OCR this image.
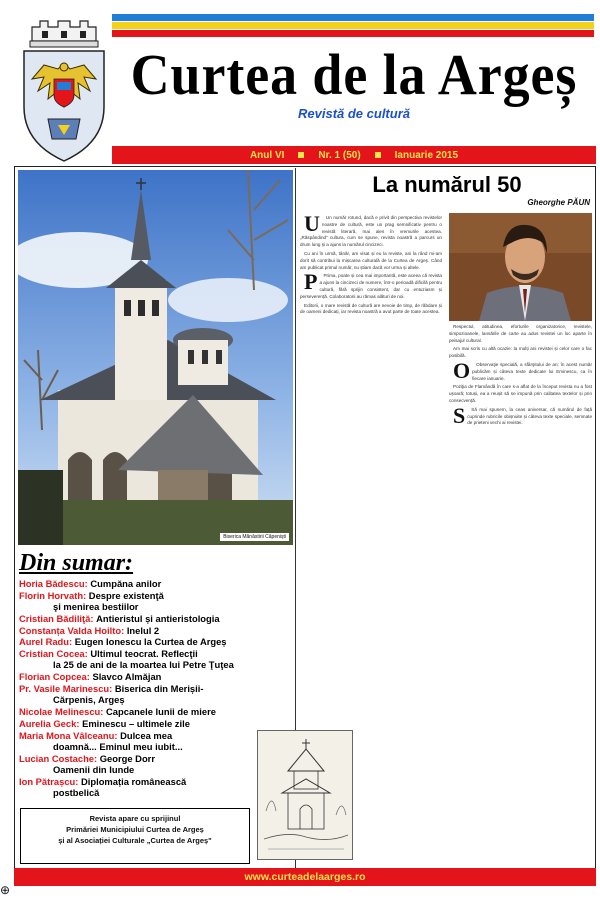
Curtea de la Argeș
Revistă de cultură
Anul VI	Nr. 1 (50)	Ianuarie 2015
Biserica Mănăstirii Căpeniști
Din sumar:
Horia Bădescu: Cumpăna anilor
Florin Horvath: Despre existenţă
şi menirea bestiilor
Cristian Bădiliţă: Antieristul și antieristologia
Constanța Valda Hoilto: Inelul 2
Aurel Radu: Eugen Ionescu la Curtea de Argeș
Cristian Cocea: Ultimul teocrat. Reflecţii
la 25 de ani de la moartea lui Petre Ţuţea
Florian Copcea: Slavco Almăjan
Pr. Vasile Marinescu: Biserica din Merișii-
Cărpenis, Argeș
Nicolae Melinescu: Capcanele lunii de miere
Aurelia Geck: Eminescu – ultimele zile
Maria Mona Vâlceanu: Dulcea mea
doamnă... Eminul meu iubit...
Lucian Costache: George Dorr
Oamenii din Iunde
Ion Pătrașcu: Diplomația românească
postbelică
Revista apare cu sprijinul
Primăriei Municipiului Curtea de Argeș
și al Asociației Culturale „Curtea de Argeș"
La numărul 50
Gheorghe PĂUN

U Un număr rotund, dacă e privit din perspectiva revistelor noastre de cultură, este un prag semnificativ pentru o revistă literară, mai ales în vremurile acestea. „Răspândind” cultura, cum se spune, revista noastră a parcurs un drum lung și a ajuns la numărul cincizeci.

Cu ani în urmă, tânăr, am visat și eu la reviste, ani la rând mi-am dorit să contribui la mișcarea culturală de la Curtea de Argeș. Când am publicat primul număr, nu știam dacă vor urma și altele.

P Prima, poate și cea mai importantă, este aceea că revista a ajuns la cincizeci de numere, într-o perioadă dificilă pentru cultură, fără sprijin consistent, dar cu entuziasm și perseverență. Colaboratorii au rămas alături de noi.

Editorii, o mare revistă de cultură are nevoie de timp, de răbdare și de oameni dedicați, iar revista noastră a avut parte de toate acestea.

Respectul, atitudinea, eforturile organizatorice, revistele, simpozioanele, lansările de carte au adus revistei un loc aparte în peisajul cultural.

Am mai scris cu altă ocazie: la mulți ani revistei și celor care o fac posibilă.

O Observaţie specială, a sfârşitului de an: în acest număr publicăm și câteva texte dedicate lui Eminescu, ca în fiecare ianuarie.

Poziţia de Flamândă în care s-a aflat de la început revista nu a fost ușoară; totuși, ea a reușit să se impună prin calitatea textelor și prin consecvență.

S Să mai spunem, la ceas aniversar, că numărul de față cuprinde rubricile obișnuite și câteva texte speciale, semnate de prieteni vechi ai revistei.

www.curteadelaarges.ro
⊕
